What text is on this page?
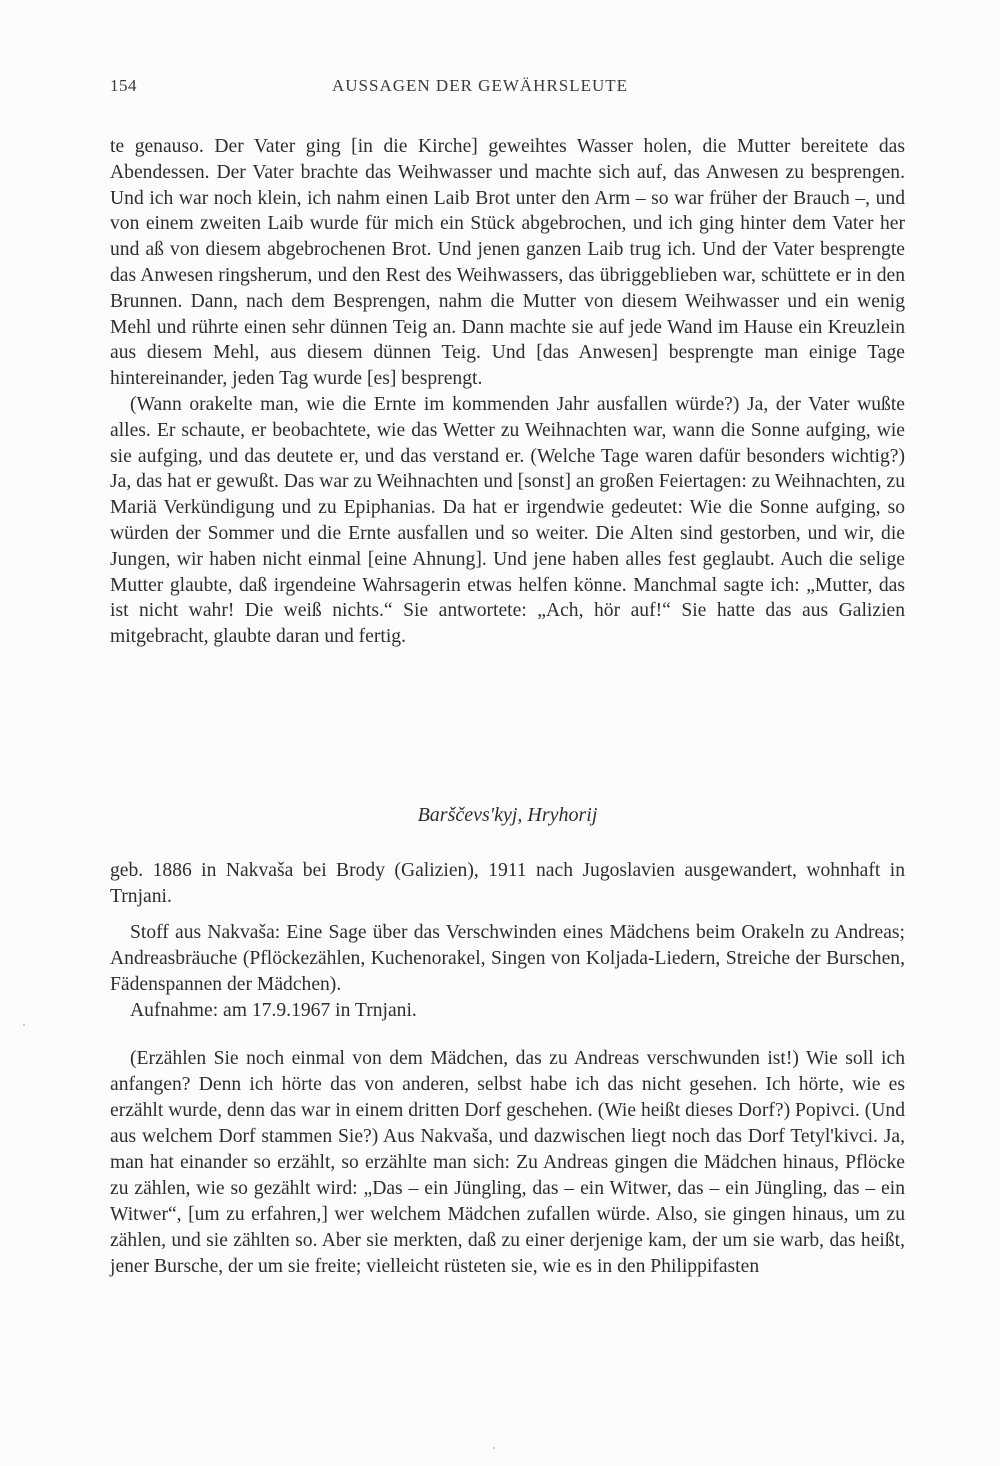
154	AUSSAGEN DER GEWÄHRSLEUTE

te genauso. Der Vater ging [in die Kirche] geweihtes Wasser holen, die Mutter bereitete das Abendessen. Der Vater brachte das Weihwasser und machte sich auf, das Anwesen zu besprengen. Und ich war noch klein, ich nahm einen Laib Brot unter den Arm – so war früher der Brauch –, und von einem zweiten Laib wurde für mich ein Stück abgebrochen, und ich ging hinter dem Vater her und aß von diesem abgebrochenen Brot. Und jenen ganzen Laib trug ich. Und der Vater besprengte das Anwesen ringsherum, und den Rest des Weihwassers, das übriggeblieben war, schüttete er in den Brunnen. Dann, nach dem Besprengen, nahm die Mutter von diesem Weihwasser und ein wenig Mehl und rührte einen sehr dünnen Teig an. Dann machte sie auf jede Wand im Hause ein Kreuzlein aus diesem Mehl, aus diesem dünnen Teig. Und [das Anwesen] besprengte man einige Tage hintereinander, jeden Tag wurde [es] besprengt.

(Wann orakelte man, wie die Ernte im kommenden Jahr ausfallen würde?) Ja, der Vater wußte alles. Er schaute, er beobachtete, wie das Wetter zu Weihnachten war, wann die Sonne aufging, wie sie aufging, und das deutete er, und das verstand er. (Welche Tage waren dafür besonders wichtig?) Ja, das hat er gewußt. Das war zu Weihnachten und [sonst] an großen Feiertagen: zu Weihnachten, zu Mariä Verkündigung und zu Epiphanias. Da hat er irgendwie gedeutet: Wie die Sonne aufging, so würden der Sommer und die Ernte ausfallen und so weiter. Die Alten sind gestorben, und wir, die Jungen, wir haben nicht einmal [eine Ahnung]. Und jene haben alles fest geglaubt. Auch die selige Mutter glaubte, daß irgendeine Wahrsagerin etwas helfen könne. Manchmal sagte ich: „Mutter, das ist nicht wahr! Die weiß nichts.“ Sie antwortete: „Ach, hör auf!“ Sie hatte das aus Galizien mitgebracht, glaubte daran und fertig.

Barščevs'kyj, Hryhorij

geb. 1886 in Nakvaša bei Brody (Galizien), 1911 nach Jugoslavien ausgewandert, wohnhaft in Trnjani.

Stoff aus Nakvaša: Eine Sage über das Verschwinden eines Mädchens beim Orakeln zu Andreas; Andreasbräuche (Pflöckezählen, Kuchenorakel, Singen von Koljada-Liedern, Streiche der Burschen, Fädenspannen der Mädchen).

Aufnahme: am 17.9.1967 in Trnjani.

(Erzählen Sie noch einmal von dem Mädchen, das zu Andreas verschwunden ist!) Wie soll ich anfangen? Denn ich hörte das von anderen, selbst habe ich das nicht gesehen. Ich hörte, wie es erzählt wurde, denn das war in einem dritten Dorf geschehen. (Wie heißt dieses Dorf?) Popivci. (Und aus welchem Dorf stammen Sie?) Aus Nakvaša, und dazwischen liegt noch das Dorf Tetyl'kivci. Ja, man hat einander so erzählt, so erzählte man sich: Zu Andreas gingen die Mädchen hinaus, Pflöcke zu zählen, wie so gezählt wird: „Das – ein Jüngling, das – ein Witwer, das – ein Jüngling, das – ein Witwer“, [um zu erfahren,] wer welchem Mädchen zufallen würde. Also, sie gingen hinaus, um zu zählen, und sie zählten so. Aber sie merkten, daß zu einer derjenige kam, der um sie warb, das heißt, jener Bursche, der um sie freite; vielleicht rüsteten sie, wie es in den Philippifasten
